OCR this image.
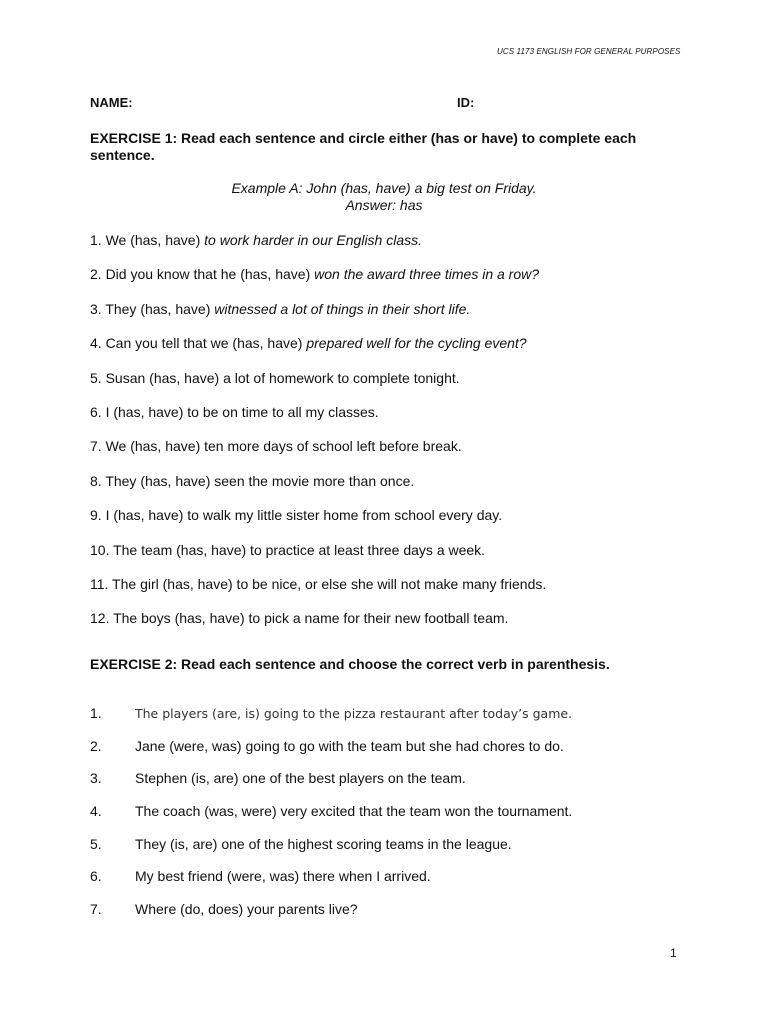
UCS 1173 ENGLISH FOR GENERAL PURPOSES
NAME:	ID:
EXERCISE 1: Read each sentence and circle either (has or have) to complete each sentence.
Example A: John (has, have) a big test on Friday.
Answer: has
1. We (has, have) to work harder in our English class.
2. Did you know that he (has, have) won the award three times in a row?
3. They (has, have) witnessed a lot of things in their short life.
4. Can you tell that we (has, have) prepared well for the cycling event?
5. Susan (has, have) a lot of homework to complete tonight.
6. I (has, have) to be on time to all my classes.
7. We (has, have) ten more days of school left before break.
8. They (has, have) seen the movie more than once.
9. I (has, have) to walk my little sister home from school every day.
10. The team (has, have) to practice at least three days a week.
11. The girl (has, have) to be nice, or else she will not make many friends.
12. The boys (has, have) to pick a name for their new football team.
EXERCISE 2: Read each sentence and choose the correct verb in parenthesis.
1.	The players (are, is) going to the pizza restaurant after today’s game.
2. Jane (were, was) going to go with the team but she had chores to do.
3. Stephen (is, are) one of the best players on the team.
4. The coach (was, were) very excited that the team won the tournament.
5. They (is, are) one of the highest scoring teams in the league.
6. My best friend (were, was) there when I arrived.
7. Where (do, does) your parents live?
1
